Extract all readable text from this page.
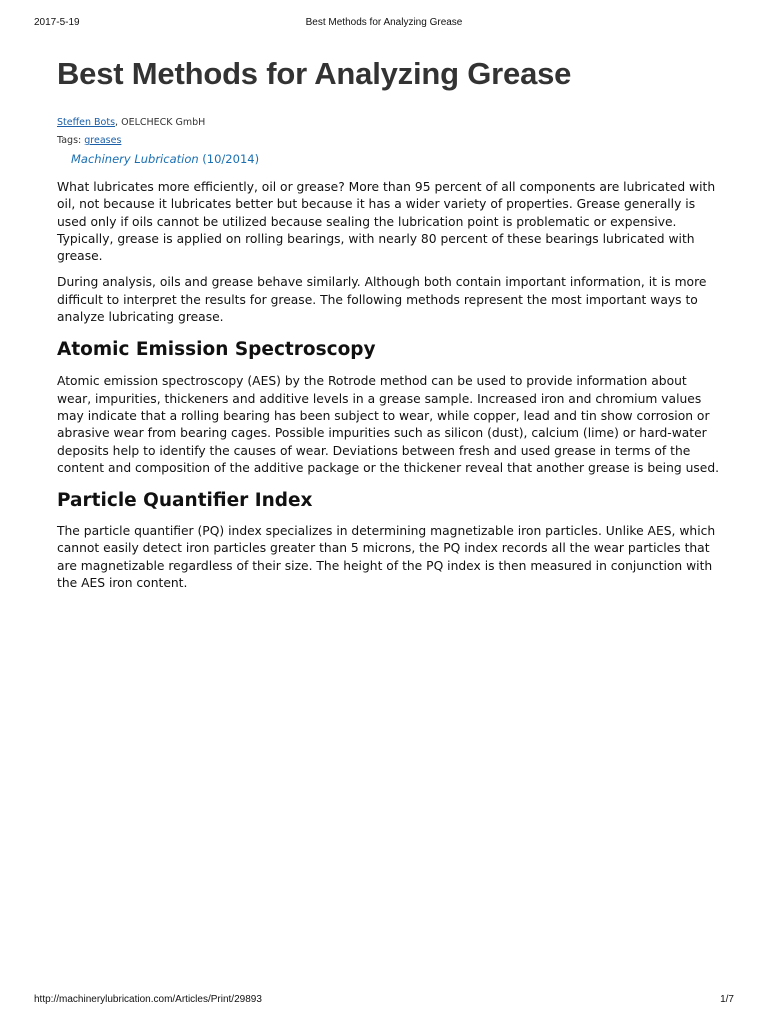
2017-5-19	Best Methods for Analyzing Grease
Best Methods for Analyzing Grease
Steffen Bots, OELCHECK GmbH
Tags: greases
Machinery Lubrication (10/2014)

What lubricates more efficiently, oil or grease? More than 95 percent of all components are lubricated with oil, not because it lubricates better but because it has a wider variety of properties. Grease generally is used only if oils cannot be utilized because sealing the lubrication point is problematic or expensive. Typically, grease is applied on rolling bearings, with nearly 80 percent of these bearings lubricated with grease.

During analysis, oils and grease behave similarly. Although both contain important information, it is more difficult to interpret the results for grease. The following methods represent the most important ways to analyze lubricating grease.

Atomic Emission Spectroscopy

Atomic emission spectroscopy (AES) by the Rotrode method can be used to provide information about wear, impurities, thickeners and additive levels in a grease sample. Increased iron and chromium values may indicate that a rolling bearing has been subject to wear, while copper, lead and tin show corrosion or abrasive wear from bearing cages. Possible impurities such as silicon (dust), calcium (lime) or hard-water deposits help to identify the causes of wear. Deviations between fresh and used grease in terms of the content and composition of the additive package or the thickener reveal that another grease is being used.

Particle Quantifier Index

The particle quantifier (PQ) index specializes in determining magnetizable iron particles. Unlike AES, which cannot easily detect iron particles greater than 5 microns, the PQ index records all the wear particles that are magnetizable regardless of their size. The height of the PQ index is then measured in conjunction with the AES iron content.

http://machinerylubrication.com/Articles/Print/29893	1/7
